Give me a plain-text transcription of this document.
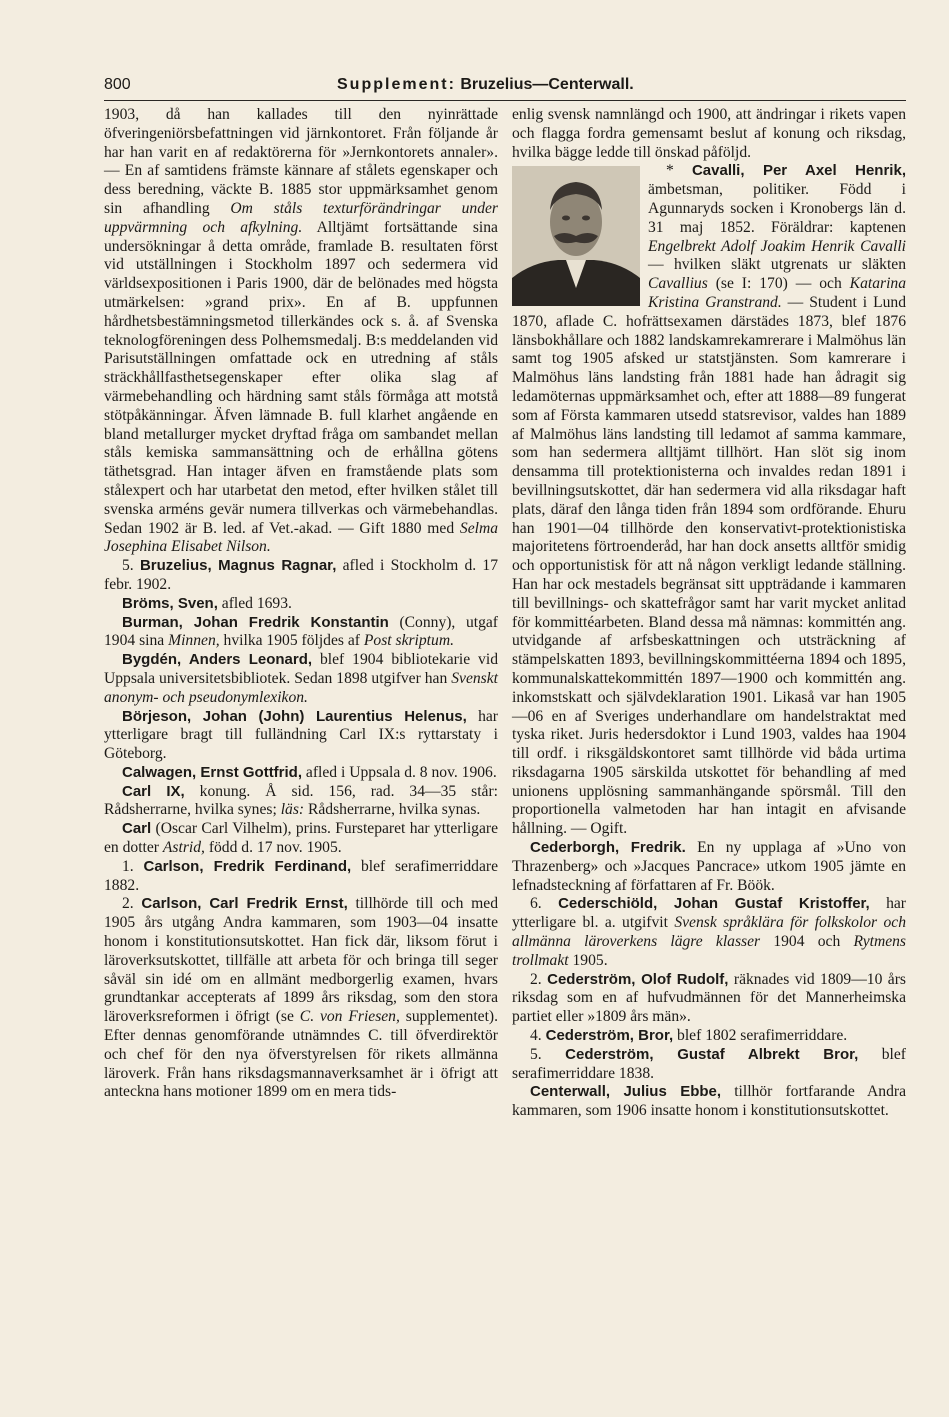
800	Supplement: Bruzelius—Centerwall.

1903, då han kallades till den nyinrättade öfveringeniörsbefattningen vid järnkontoret. Från följande år har han varit en af redaktörerna för »Jernkontorets annaler». — En af samtidens främste kännare af stålets egenskaper och dess beredning, väckte B. 1885 stor uppmärksamhet genom sin afhandling Om ståls texturförändringar under uppvärmning och afkylning. Alltjämt fortsättande sina undersökningar å detta område, framlade B. resultaten först vid utställningen i Stockholm 1897 och sedermera vid världsexpositionen i Paris 1900, där de belönades med högsta utmärkelsen: »grand prix». En af B. uppfunnen hårdhetsbestämningsmetod tillerkändes ock s. å. af Svenska teknologföreningen dess Polhemsmedalj. B:s meddelanden vid Parisutställningen omfattade ock en utredning af ståls sträckhållfasthetsegenskaper efter olika slag af värmebehandling och härdning samt ståls förmåga att motstå stötpåkänningar. Äfven lämnade B. full klarhet angående en bland metallurger mycket dryftad fråga om sambandet mellan ståls kemiska sammansättning och de erhållna götens täthetsgrad. Han intager äfven en framstående plats som stålexpert och har utarbetat den metod, efter hvilken stålet till svenska arméns gevär numera tillverkas och värmebehandlas. Sedan 1902 är B. led. af Vet.-akad. — Gift 1880 med Selma Josephina Elisabet Nilson.

5. Bruzelius, Magnus Ragnar, afled i Stockholm d. 17 febr. 1902.

Bröms, Sven, afled 1693.

Burman, Johan Fredrik Konstantin (Conny), utgaf 1904 sina Minnen, hvilka 1905 följdes af Post skriptum.

Bygdén, Anders Leonard, blef 1904 bibliotekarie vid Uppsala universitetsbibliotek. Sedan 1898 utgifver han Svenskt anonym- och pseudonymlexikon.

Börjeson, Johan (John) Laurentius Helenus, har ytterligare bragt till fulländning Carl IX:s ryttarstaty i Göteborg.

Calwagen, Ernst Gottfrid, afled i Uppsala d. 8 nov. 1906.

Carl IX, konung. Å sid. 156, rad. 34—35 står: Rådsherrarne, hvilka synes; läs: Rådsherrarne, hvilka synas.

Carl (Oscar Carl Vilhelm), prins. Fursteparet har ytterligare en dotter Astrid, född d. 17 nov. 1905.

1. Carlson, Fredrik Ferdinand, blef serafimerriddare 1882.

2. Carlson, Carl Fredrik Ernst, tillhörde till och med 1905 års utgång Andra kammaren, som 1903—04 insatte honom i konstitutionsutskottet. Han fick där, liksom förut i läroverksutskottet, tillfälle att arbeta för och bringa till seger såväl sin idé om en allmänt medborgerlig examen, hvars grundtankar accepterats af 1899 års riksdag, som den stora läroverksreformen i öfrigt (se C. von Friesen, supplementet). Efter dennas genomförande utnämndes C. till öfverdirektör och chef för den nya öfverstyrelsen för rikets allmänna läroverk. Från hans riksdagsmannaverksamhet är i öfrigt att anteckna hans motioner 1899 om en mera tids-

enlig svensk namnlängd och 1900, att ändringar i rikets vapen och flagga fordra gemensamt beslut af konung och riksdag, hvilka bägge ledde till önskad påföljd.

* Cavalli, Per Axel Henrik,
ämbetsman, politiker. Född i Agunnaryds socken i Kronobergs län d. 31 maj 1852. Föräldrar: kaptenen Engelbrekt Adolf Joakim Henrik Cavalli — hvilken släkt utgrenats ur släkten Cavallius (se I: 170) — och Katarina Kristina Granstrand. — Student i Lund 1870, aflade C. hofrättsexamen därstädes 1873, blef 1876 länsbokhållare och 1882 landskamrekamrerare i Malmöhus län samt tog 1905 afsked ur statstjänsten. Som kamrerare i Malmöhus läns landsting från 1881 hade han ådragit sig ledamöternas uppmärksamhet och, efter att 1888—89 fungerat som af Första kammaren utsedd statsrevisor, valdes han 1889 af Malmöhus läns landsting till ledamot af samma kammare, som han sedermera alltjämt tillhört. Han slöt sig inom densamma till protektionisterna och invaldes redan 1891 i bevillningsutskottet, där han sedermera vid alla riksdagar haft plats, däraf den långa tiden från 1894 som ordförande. Ehuru han 1901—04 tillhörde den konservativt-protektionistiska majoritetens förtroenderåd, har han dock ansetts alltför smidig och opportunistisk för att nå någon verkligt ledande ställning. Han har ock mestadels begränsat sitt uppträdande i kammaren till bevillnings- och skattefrågor samt har varit mycket anlitad för kommittéarbeten. Bland dessa må nämnas: kommittén ang. utvidgande af arfsbeskattningen och utsträckning af stämpelskatten 1893, bevillningskommittéerna 1894 och 1895, kommunalskattekommittén 1897—1900 och kommittén ang. inkomstskatt och självdeklaration 1901. Likaså var han 1905—06 en af Sveriges underhandlare om handelstraktat med tyska riket. Juris hedersdoktor i Lund 1903, valdes haa 1904 till ordf. i riksgäldskontoret samt tillhörde vid båda urtima riksdagarna 1905 särskilda utskottet för behandling af med unionens upplösning sammanhängande spörsmål. Till den proportionella valmetoden har han intagit en afvisande hållning. — Ogift.

Cederborgh, Fredrik. En ny upplaga af »Uno von Thrazenberg» och »Jacques Pancrace» utkom 1905 jämte en lefnadsteckning af författaren af Fr. Böök.

6. Cederschiöld, Johan Gustaf Kristoffer, har ytterligare bl. a. utgifvit Svensk språklära för folkskolor och allmänna läroverkens lägre klasser 1904 och Rytmens trollmakt 1905.

2. Cederström, Olof Rudolf, räknades vid 1809—10 års riksdag som en af hufvudmännen för det Mannerheimska partiet eller »1809 års män».

4. Cederström, Bror, blef 1802 serafimerriddare.

5. Cederström, Gustaf Albrekt Bror, blef serafimerriddare 1838.

Centerwall, Julius Ebbe, tillhör fortfarande Andra kammaren, som 1906 insatte honom i konstitutionsutskottet.
